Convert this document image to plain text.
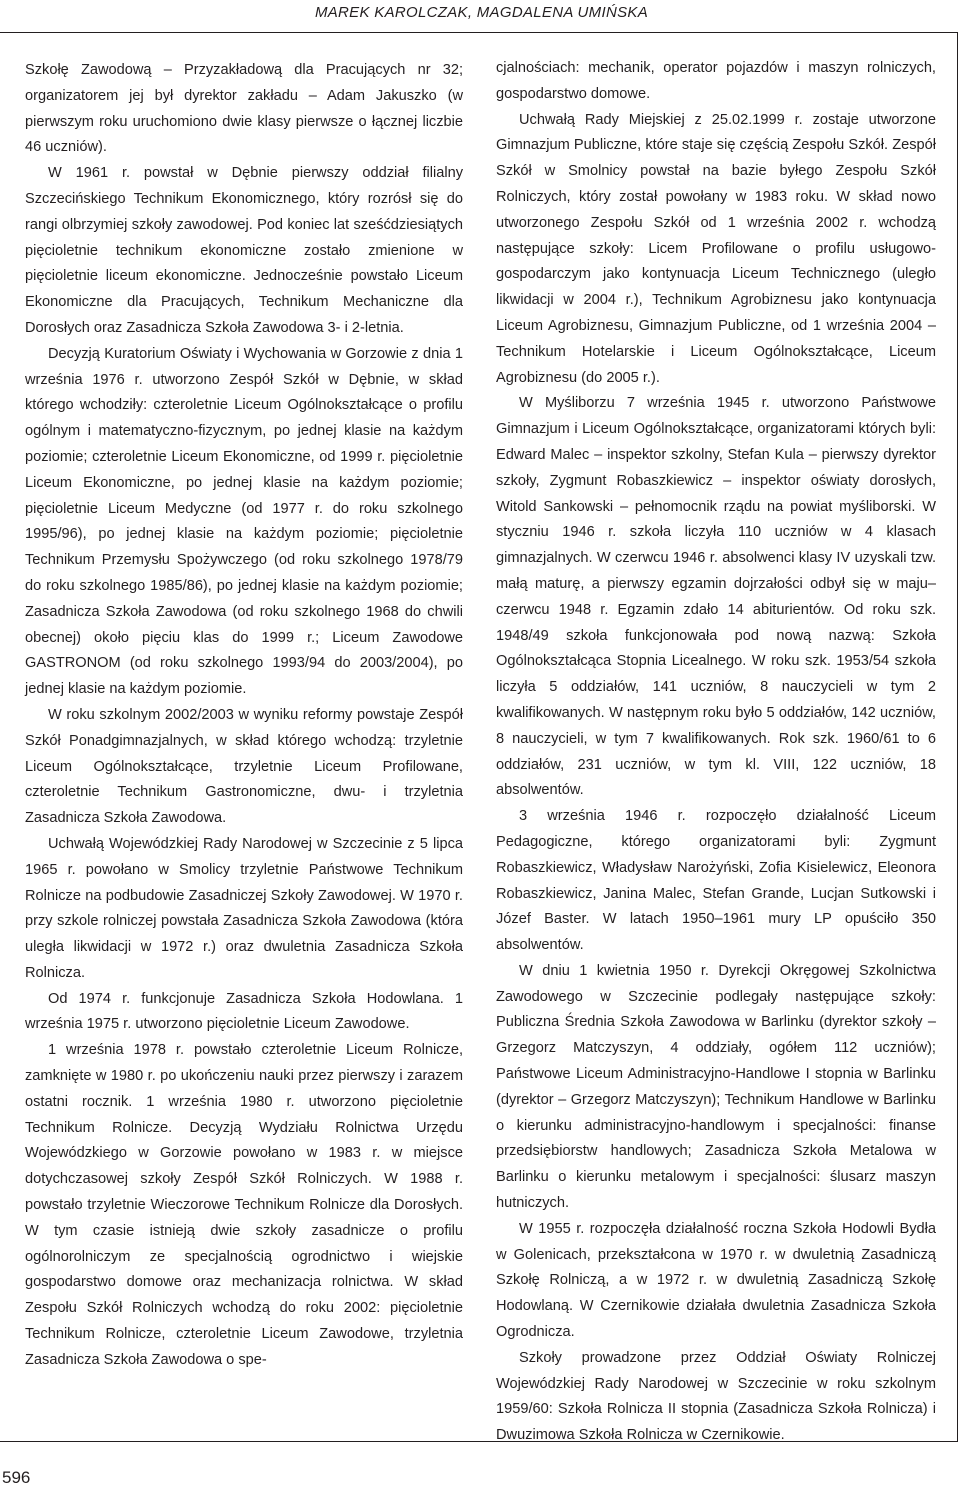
MAREK KAROLCZAK, MAGDALENA UMIŃSKA

Szkołę Zawodową – Przyzakładową dla Pracujących nr 32; organizatorem jej był dyrektor zakładu – Adam Jakuszko (w pierwszym roku uruchomiono dwie klasy pierwsze o łącznej liczbie 46 uczniów).

W 1961 r. powstał w Dębnie pierwszy oddział filialny Szczecińskiego Technikum Ekonomicznego, który rozrósł się do rangi olbrzymiej szkoły zawodowej. Pod koniec lat sześćdziesiątych pięcioletnie technikum ekonomiczne zostało zmienione w pięcioletnie liceum ekonomiczne. Jednocześnie powstało Liceum Ekonomiczne dla Pracujących, Technikum Mechaniczne dla Dorosłych oraz Zasadnicza Szkoła Zawodowa 3- i 2-letnia.

Decyzją Kuratorium Oświaty i Wychowania w Gorzowie z dnia 1 września 1976 r. utworzono Zespół Szkół w Dębnie, w skład którego wchodziły: czteroletnie Liceum Ogólnokształcące o profilu ogólnym i matematyczno-fizycznym, po jednej klasie na każdym poziomie; czteroletnie Liceum Ekonomiczne, od 1999 r. pięcioletnie Liceum Ekonomiczne, po jednej klasie na każdym poziomie; pięcioletnie Liceum Medyczne (od 1977 r. do roku szkolnego 1995/96), po jednej klasie na każdym poziomie; pięcioletnie Technikum Przemysłu Spożywczego (od roku szkolnego 1978/79 do roku szkolnego 1985/86), po jednej klasie na każdym poziomie; Zasadnicza Szkoła Zawodowa (od roku szkolnego 1968 do chwili obecnej) około pięciu klas do 1999 r.; Liceum Zawodowe GASTRONOM (od roku szkolnego 1993/94 do 2003/2004), po jednej klasie na każdym poziomie.

W roku szkolnym 2002/2003 w wyniku reformy powstaje Zespół Szkół Ponadgimnazjalnych, w skład którego wchodzą: trzyletnie Liceum Ogólnokształcące, trzyletnie Liceum Profilowane, czteroletnie Technikum Gastronomiczne, dwu- i trzyletnia Zasadnicza Szkoła Zawodowa.

Uchwałą Wojewódzkiej Rady Narodowej w Szczecinie z 5 lipca 1965 r. powołano w Smolicy trzyletnie Państwowe Technikum Rolnicze na podbudowie Zasadniczej Szkoły Zawodowej. W 1970 r. przy szkole rolniczej powstała Zasadnicza Szkoła Zawodowa (która uległa likwidacji w 1972 r.) oraz dwuletnia Zasadnicza Szkoła Rolnicza.

Od 1974 r. funkcjonuje Zasadnicza Szkoła Hodowlana. 1 września 1975 r. utworzono pięcioletnie Liceum Zawodowe.

1 września 1978 r. powstało czteroletnie Liceum Rolnicze, zamknięte w 1980 r. po ukończeniu nauki przez pierwszy i zarazem ostatni rocznik. 1 września 1980 r. utworzono pięcioletnie Technikum Rolnicze. Decyzją Wydziału Rolnictwa Urzędu Wojewódzkiego w Gorzowie powołano w 1983 r. w miejsce dotychczasowej szkoły Zespół Szkół Rolniczych. W 1988 r. powstało trzyletnie Wieczorowe Technikum Rolnicze dla Dorosłych. W tym czasie istnieją dwie szkoły zasadnicze o profilu ogólnorolniczym ze specjalnością ogrodnictwo i wiejskie gospodarstwo domowe oraz mechanizacja rolnictwa. W skład Zespołu Szkół Rolniczych wchodzą do roku 2002: pięcioletnie Technikum Rolnicze, czteroletnie Liceum Zawodowe, trzyletnia Zasadnicza Szkoła Zawodowa o spe-

cjalnościach: mechanik, operator pojazdów i maszyn rolniczych, gospodarstwo domowe.

Uchwałą Rady Miejskiej z 25.02.1999 r. zostaje utworzone Gimnazjum Publiczne, które staje się częścią Zespołu Szkół. Zespół Szkół w Smolnicy powstał na bazie byłego Zespołu Szkół Rolniczych, który został powołany w 1983 roku. W skład nowo utworzonego Zespołu Szkół od 1 września 2002 r. wchodzą następujące szkoły: Licem Profilowane o profilu usługowo-gospodarczym jako kontynuacja Liceum Technicznego (uległo likwidacji w 2004 r.), Technikum Agrobiznesu jako kontynuacja Liceum Agrobiznesu, Gimnazjum Publiczne, od 1 września 2004 – Technikum Hotelarskie i Liceum Ogólnokształcące, Liceum Agrobiznesu (do 2005 r.).

W Myśliborzu 7 września 1945 r. utworzono Państwowe Gimnazjum i Liceum Ogólnokształcące, organizatorami których byli: Edward Malec – inspektor szkolny, Stefan Kula – pierwszy dyrektor szkoły, Zygmunt Robaszkiewicz – inspektor oświaty dorosłych, Witold Sankowski – pełnomocnik rządu na powiat myśliborski. W styczniu 1946 r. szkoła liczyła 110 uczniów w 4 klasach gimnazjalnych. W czerwcu 1946 r. absolwenci klasy IV uzyskali tzw. małą maturę, a pierwszy egzamin dojrzałości odbył się w maju–czerwcu 1948 r. Egzamin zdało 14 abiturientów. Od roku szk. 1948/49 szkoła funkcjonowała pod nową nazwą: Szkoła Ogólnokształcąca Stopnia Licealnego. W roku szk. 1953/54 szkoła liczyła 5 oddziałów, 141 uczniów, 8 nauczycieli w tym 2 kwalifikowanych. W następnym roku było 5 oddziałów, 142 uczniów, 8 nauczycieli, w tym 7 kwalifikowanych. Rok szk. 1960/61 to 6 oddziałów, 231 uczniów, w tym kl. VIII, 122 uczniów, 18 absolwentów.

3 września 1946 r. rozpoczęło działalność Liceum Pedagogiczne, którego organizatorami byli: Zygmunt Robaszkiewicz, Władysław Narożyński, Zofia Kisielewicz, Eleonora Robaszkiewicz, Janina Malec, Stefan Grande, Lucjan Sutkowski i Józef Baster. W latach 1950–1961 mury LP opuściło 350 absolwentów.

W dniu 1 kwietnia 1950 r. Dyrekcji Okręgowej Szkolnictwa Zawodowego w Szczecinie podlegały następujące szkoły: Publiczna Średnia Szkoła Zawodowa w Barlinku (dyrektor szkoły – Grzegorz Matczyszyn, 4 oddziały, ogółem 112 uczniów); Państwowe Liceum Administracyjno-Handlowe I stopnia w Barlinku (dyrektor – Grzegorz Matczyszyn); Technikum Handlowe w Barlinku o kierunku administracyjno-handlowym i specjalności: finanse przedsiębiorstw handlowych; Zasadnicza Szkoła Metalowa w Barlinku o kierunku metalowym i specjalności: ślusarz maszyn hutniczych.

W 1955 r. rozpoczęła działalność roczna Szkoła Hodowli Bydła w Golenicach, przekształcona w 1970 r. w dwuletnią Zasadniczą Szkołę Rolniczą, a w 1972 r. w dwuletnią Zasadniczą Szkołę Hodowlaną. W Czernikowie działała dwuletnia Zasadnicza Szkoła Ogrodnicza.

Szkoły prowadzone przez Oddział Oświaty Rolniczej Wojewódzkiej Rady Narodowej w Szczecinie w roku szkolnym 1959/60: Szkoła Rolnicza II stopnia (Zasadnicza Szkoła Rolnicza) i Dwuzimowa Szkoła Rolnicza w Czernikowie.

596
